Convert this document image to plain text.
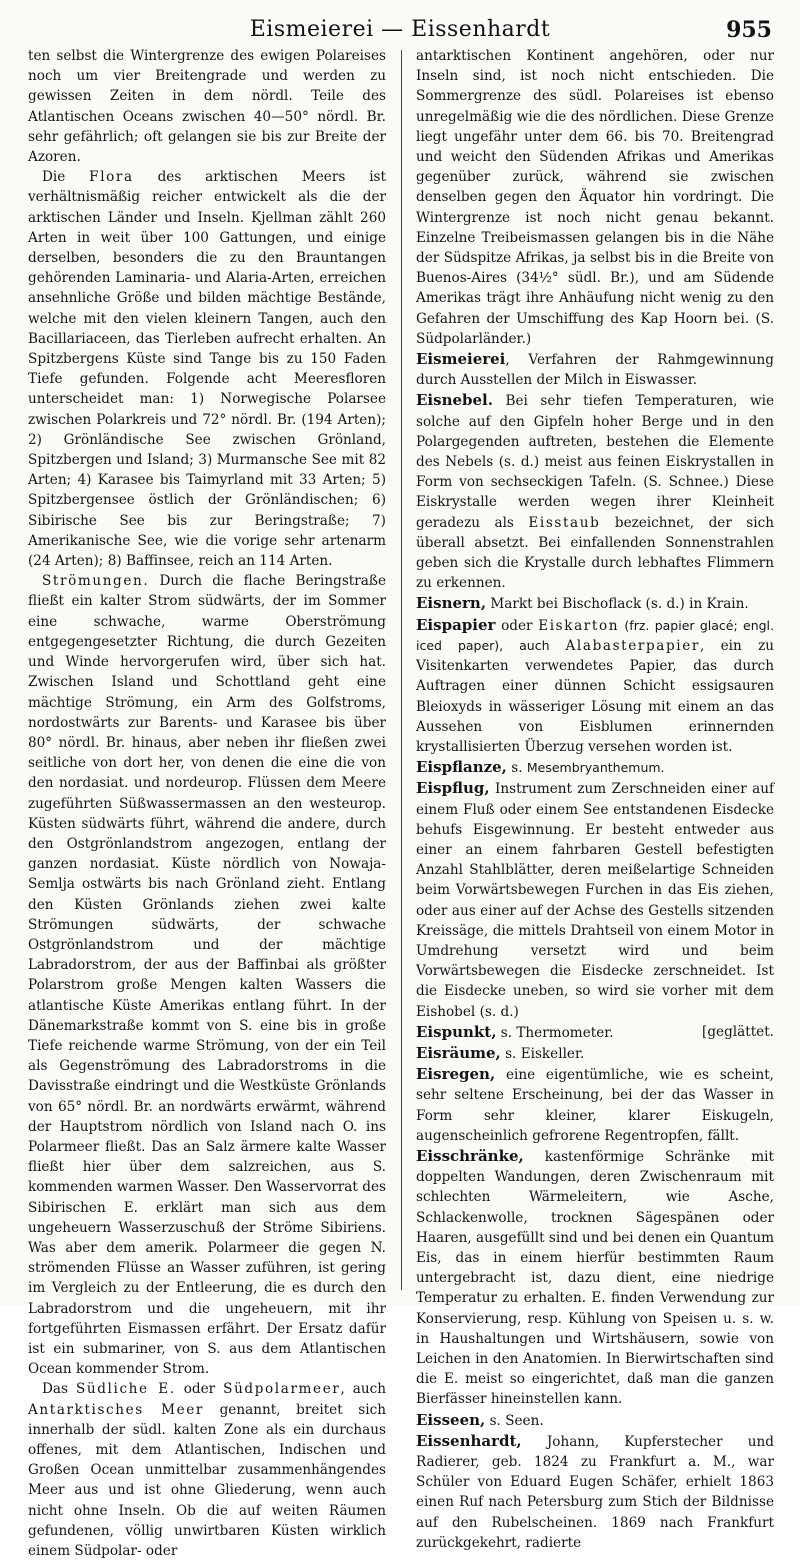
Eismeierei — Eissenhardt	955

ten selbst die Wintergrenze des ewigen Polareises noch um vier Breitengrade und werden zu gewissen Zeiten in dem nördl. Teile des Atlantischen Oceans zwischen 40—50° nördl. Br. sehr gefährlich; oft gelangen sie bis zur Breite der Azoren.

Die Flora des arktischen Meers ist verhältnismäßig reicher entwickelt als die der arktischen Länder und Inseln. Kjellman zählt 260 Arten in weit über 100 Gattungen, und einige derselben, besonders die zu den Brauntangen gehörenden Laminaria- und Alaria-Arten, erreichen ansehnliche Größe und bilden mächtige Bestände, welche mit den vielen kleinern Tangen, auch den Bacillariaceen, das Tierleben aufrecht erhalten. An Spitzbergens Küste sind Tange bis zu 150 Faden Tiefe gefunden. Folgende acht Meeresfloren unterscheidet man: 1) Norwegische Polarsee zwischen Polarkreis und 72° nördl. Br. (194 Arten); 2) Grönländische See zwischen Grönland, Spitzbergen und Island; 3) Murmansche See mit 82 Arten; 4) Karasee bis Taimyrland mit 33 Arten; 5) Spitzbergensee östlich der Grönländischen; 6) Sibirische See bis zur Beringstraße; 7) Amerikanische See, wie die vorige sehr artenarm (24 Arten); 8) Baffinsee, reich an 114 Arten.

Strömungen. Durch die flache Beringstraße fließt ein kalter Strom südwärts, der im Sommer eine schwache, warme Oberströmung entgegengesetzter Richtung, die durch Gezeiten und Winde hervorgerufen wird, über sich hat. Zwischen Island und Schottland geht eine mächtige Strömung, ein Arm des Golfstroms, nordostwärts zur Barents- und Karasee bis über 80° nördl. Br. hinaus, aber neben ihr fließen zwei seitliche von dort her, von denen die eine die von den nordasiat. und nordeurop. Flüssen dem Meere zugeführten Süßwassermassen an den westeurop. Küsten südwärts führt, während die andere, durch den Ostgrönlandstrom angezogen, entlang der ganzen nordasiat. Küste nördlich von Nowaja-Semlja ostwärts bis nach Grönland zieht. Entlang den Küsten Grönlands ziehen zwei kalte Strömungen südwärts, der schwache Ostgrönlandstrom und der mächtige Labradorstrom, der aus der Baffinbai als größter Polarstrom große Mengen kalten Wassers die atlantische Küste Amerikas entlang führt. In der Dänemarkstraße kommt von S. eine bis in große Tiefe reichende warme Strömung, von der ein Teil als Gegenströmung des Labradorstroms in die Davisstraße eindringt und die Westküste Grönlands von 65° nördl. Br. an nordwärts erwärmt, während der Hauptstrom nördlich von Island nach O. ins Polarmeer fließt. Das an Salz ärmere kalte Wasser fließt hier über dem salzreichen, aus S. kommenden warmen Wasser. Den Wasservorrat des Sibirischen E. erklärt man sich aus dem ungeheuern Wasserzuschuß der Ströme Sibiriens. Was aber dem amerik. Polarmeer die gegen N. strömenden Flüsse an Wasser zuführen, ist gering im Vergleich zu der Entleerung, die es durch den Labradorstrom und die ungeheuern, mit ihr fortgeführten Eismassen erfährt. Der Ersatz dafür ist ein submariner, von S. aus dem Atlantischen Ocean kommender Strom.

Das Südliche E. oder Südpolarmeer, auch Antarktisches Meer genannt, breitet sich innerhalb der südl. kalten Zone als ein durchaus offenes, mit dem Atlantischen, Indischen und Großen Ocean unmittelbar zusammenhängendes Meer aus und ist ohne Gliederung, wenn auch nicht ohne Inseln. Ob die auf weiten Räumen gefundenen, völlig unwirtbaren Küsten wirklich einem Südpolar- oder

antarktischen Kontinent angehören, oder nur Inseln sind, ist noch nicht entschieden. Die Sommergrenze des südl. Polareises ist ebenso unregelmäßig wie die des nördlichen. Diese Grenze liegt ungefähr unter dem 66. bis 70. Breitengrad und weicht den Südenden Afrikas und Amerikas gegenüber zurück, während sie zwischen denselben gegen den Äquator hin vordringt. Die Wintergrenze ist noch nicht genau bekannt. Einzelne Treibeismassen gelangen bis in die Nähe der Südspitze Afrikas, ja selbst bis in die Breite von Buenos-Aires (34½° südl. Br.), und am Südende Amerikas trägt ihre Anhäufung nicht wenig zu den Gefahren der Umschiffung des Kap Hoorn bei. (S. Südpolarländer.)

Eismeierei, Verfahren der Rahmgewinnung durch Ausstellen der Milch in Eiswasser.

Eisnebel. Bei sehr tiefen Temperaturen, wie solche auf den Gipfeln hoher Berge und in den Polargegenden auftreten, bestehen die Elemente des Nebels (s. d.) meist aus feinen Eiskrystallen in Form von sechseckigen Tafeln. (S. Schnee.) Diese Eiskrystalle werden wegen ihrer Kleinheit geradezu als Eisstaub bezeichnet, der sich überall absetzt. Bei einfallenden Sonnenstrahlen geben sich die Krystalle durch lebhaftes Flimmern zu erkennen.

Eisnern, Markt bei Bischoflack (s. d.) in Krain.

Eispapier oder Eiskarton (frz. papier glacé; engl. iced paper), auch Alabasterpapier, ein zu Visitenkarten verwendetes Papier, das durch Auftragen einer dünnen Schicht essigsauren Bleioxyds in wässeriger Lösung mit einem an das Aussehen von Eisblumen erinnernden krystallisierten Überzug versehen worden ist.

Eispflanze, s. Mesembryanthemum.

Eispflug, Instrument zum Zerschneiden einer auf einem Fluß oder einem See entstandenen Eisdecke behufs Eisgewinnung. Er besteht entweder aus einer an einem fahrbaren Gestell befestigten Anzahl Stahlblätter, deren meißelartige Schneiden beim Vorwärtsbewegen Furchen in das Eis ziehen, oder aus einer auf der Achse des Gestells sitzenden Kreissäge, die mittels Drahtseil von einem Motor in Umdrehung versetzt wird und beim Vorwärtsbewegen die Eisdecke zerschneidet. Ist die Eisdecke uneben, so wird sie vorher mit dem Eishobel (s. d.)

Eispunkt, s. Thermometer.	[geglättet.

Eisräume, s. Eiskeller.

Eisregen, eine eigentümliche, wie es scheint, sehr seltene Erscheinung, bei der das Wasser in Form sehr kleiner, klarer Eiskugeln, augenscheinlich gefrorene Regentropfen, fällt.

Eisschränke, kastenförmige Schränke mit doppelten Wandungen, deren Zwischenraum mit schlechten Wärmeleitern, wie Asche, Schlackenwolle, trocknen Sägespänen oder Haaren, ausgefüllt sind und bei denen ein Quantum Eis, das in einem hierfür bestimmten Raum untergebracht ist, dazu dient, eine niedrige Temperatur zu erhalten. E. finden Verwendung zur Konservierung, resp. Kühlung von Speisen u. s. w. in Haushaltungen und Wirtshäusern, sowie von Leichen in den Anatomien. In Bierwirtschaften sind die E. meist so eingerichtet, daß man die ganzen Bierfässer hineinstellen kann.

Eisseen, s. Seen.

Eissenhardt, Johann, Kupferstecher und Radierer, geb. 1824 zu Frankfurt a. M., war Schüler von Eduard Eugen Schäfer, erhielt 1863 einen Ruf nach Petersburg zum Stich der Bildnisse auf den Rubelscheinen. 1869 nach Frankfurt zurückgekehrt, radierte
